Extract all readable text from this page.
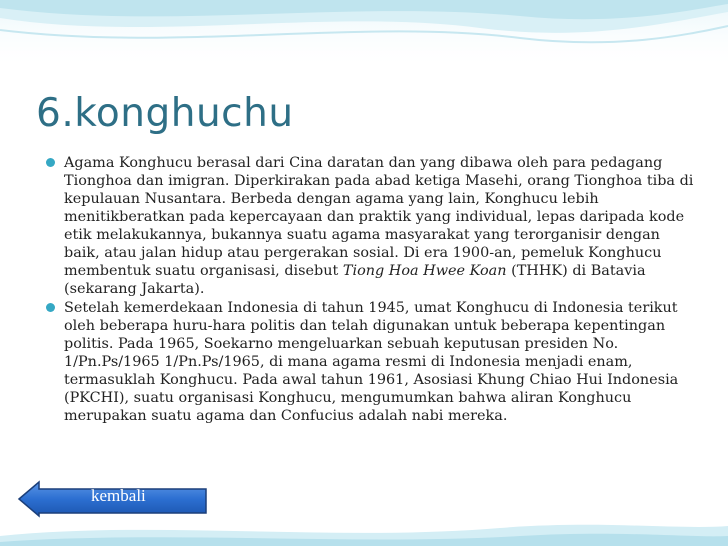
6.konghuchu

Agama Konghucu berasal dari Cina daratan dan yang dibawa oleh para pedagang Tionghoa dan imigran. Diperkirakan pada abad ketiga Masehi, orang Tionghoa tiba di kepulauan Nusantara. Berbeda dengan agama yang lain, Konghucu lebih menitikberatkan pada kepercayaan dan praktik yang individual, lepas daripada kode etik melakukannya, bukannya suatu agama masyarakat yang terorganisir dengan baik, atau jalan hidup atau pergerakan sosial. Di era 1900-an, pemeluk Konghucu membentuk suatu organisasi, disebut Tiong Hoa Hwee Koan (THHK) di Batavia (sekarang Jakarta).

Setelah kemerdekaan Indonesia di tahun 1945, umat Konghucu di Indonesia terikut oleh beberapa huru-hara politis dan telah digunakan untuk beberapa kepentingan politis. Pada 1965, Soekarno mengeluarkan sebuah keputusan presiden No. 1/Pn.Ps/1965 1/Pn.Ps/1965, di mana agama resmi di Indonesia menjadi enam, termasuklah Konghucu. Pada awal tahun 1961, Asosiasi Khung Chiao Hui Indonesia (PKCHI), suatu organisasi Konghucu, mengumumkan bahwa aliran Konghucu merupakan suatu agama dan Confucius adalah nabi mereka.

kembali
